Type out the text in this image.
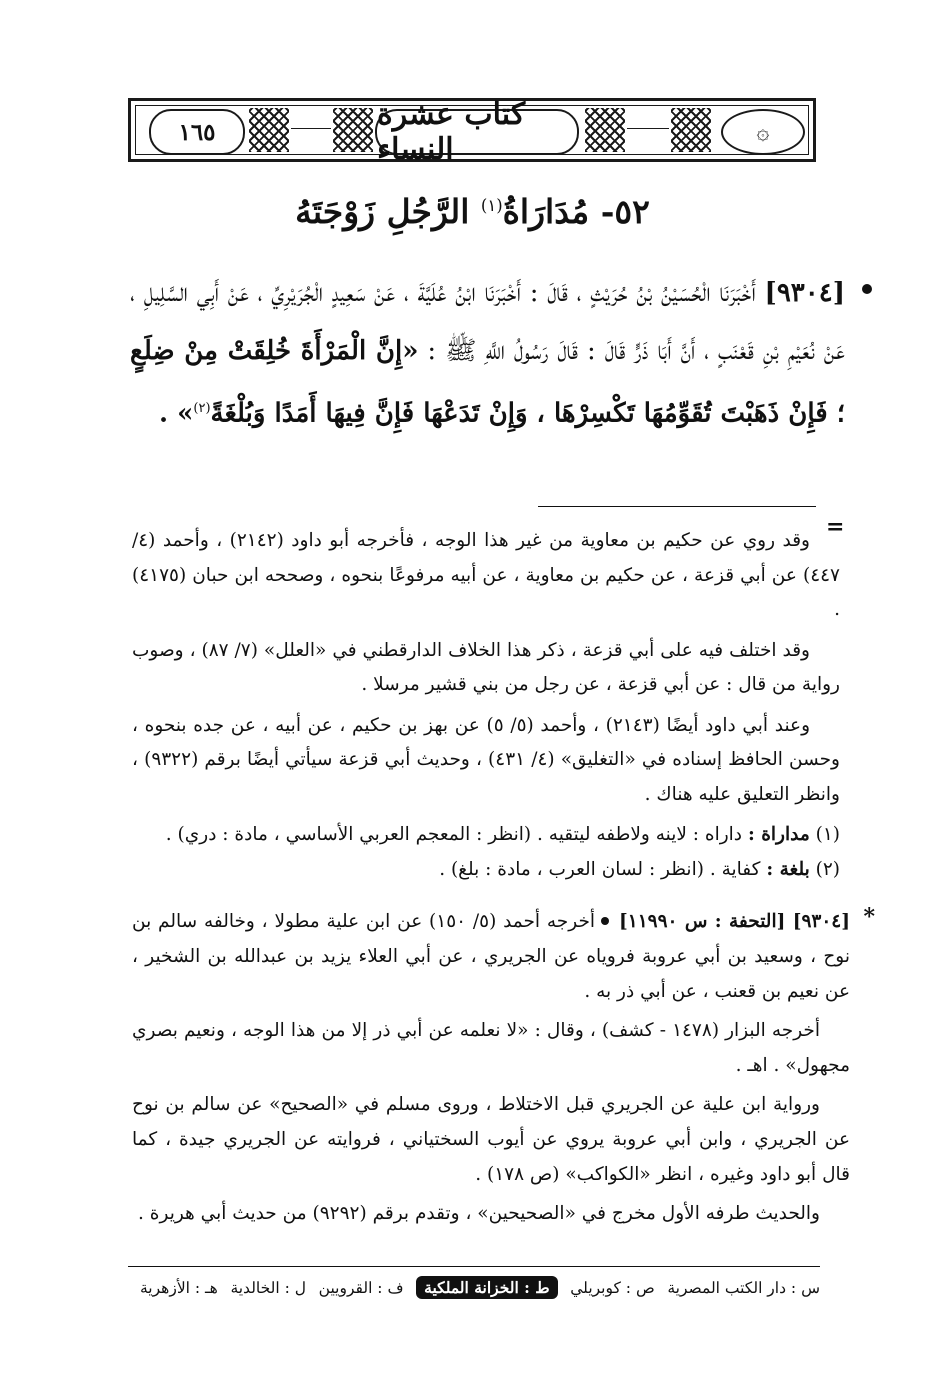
١٦٥	كتاب عشرة النساء	۞
٥٢- مُدَارَاةُ$^{(١)}$ الرَّجُلِ زَوْجَتَهُ
[٩٣٠٤] أَخْبَرَنَا الْحُسَيْنُ بْنُ حُرَيْثٍ ، قَالَ : أَخْبَرَنَا ابْنُ عُلَيَّةَ ، عَنْ سَعِيدٍ الْجُرَيْرِيِّ ، عَنْ أَبِي السَّلِيلِ ، عَنْ نُعَيْمِ بْنِ قَعْنَبٍ ، أَنَّ أَبَا ذَرٍّ قَالَ : قَالَ رَسُولُ اللَّهِ ﷺ : «إِنَّ الْمَرْأَةَ خُلِقَتْ مِنْ ضِلَعٍ ؛ فَإِنْ ذَهَبْتَ تُقَوِّمُهَا تَكْسِرْهَا ، وَإِنْ تَدَعْهَا فَإِنَّ فِيهَا أَمَدًا وَبُلْغَةً$^{(٢)}$» .
=

وقد روي عن حكيم بن معاوية من غير هذا الوجه ، فأخرجه أبو داود (٢١٤٢) ، وأحمد (٤/ ٤٤٧) عن أبي قزعة ، عن حكيم بن معاوية ، عن أبيه مرفوعًا بنحوه ، وصححه ابن حبان (٤١٧٥) .

وقد اختلف فيه على أبي قزعة ، ذكر هذا الخلاف الدارقطني في «العلل» (٧/ ٨٧) ، وصوب رواية من قال : عن أبي قزعة ، عن رجل من بني قشير مرسلا .

وعند أبي داود أيضًا (٢١٤٣) ، وأحمد (٥/ ٥) عن بهز بن حكيم ، عن أبيه ، عن جده بنحوه ، وحسن الحافظ إسناده في «التغليق» (٤/ ٤٣١) ، وحديث أبي قزعة سيأتي أيضًا برقم (٩٣٢٢) ، وانظر التعليق عليه هناك .

(١) مداراة : داراه : لاينه ولاطفه ليتقيه . (انظر : المعجم العربي الأساسي ، مادة : دري) .

(٢) بلغة : كفاية . (انظر : لسان العرب ، مادة : بلغ) .

*

[٩٣٠٤] [التحفة : س ١١٩٩٠]أخرجه أحمد (٥/ ١٥٠) عن ابن علية مطولا ، وخالفه سالم بن نوح ، وسعيد بن أبي عروبة فروياه عن الجريري ، عن أبي العلاء يزيد بن عبدالله بن الشخير ، عن نعيم بن قعنب ، عن أبي ذر به .

أخرجه البزار (١٤٧٨ - كشف) ، وقال : «لا نعلمه عن أبي ذر إلا من هذا الوجه ، ونعيم بصري مجهول» . اهـ .

ورواية ابن علية عن الجريري قبل الاختلاط ، وروى مسلم في «الصحيح» عن سالم بن نوح عن الجريري ، وابن أبي عروبة يروي عن أيوب السختياني ، فروايته عن الجريري جيدة ، كما قال أبو داود وغيره ، انظر «الكواكب» (ص ١٧٨) .

والحديث طرفه الأول مخرج في «الصحيحين» ، وتقدم برقم (٩٢٩٢) من حديث أبي هريرة .

س : دار الكتب المصرية
ص : كوبريلي
ط : الخزانة الملكية
ف : القرويين
ل : الخالدية
هـ : الأزهرية
